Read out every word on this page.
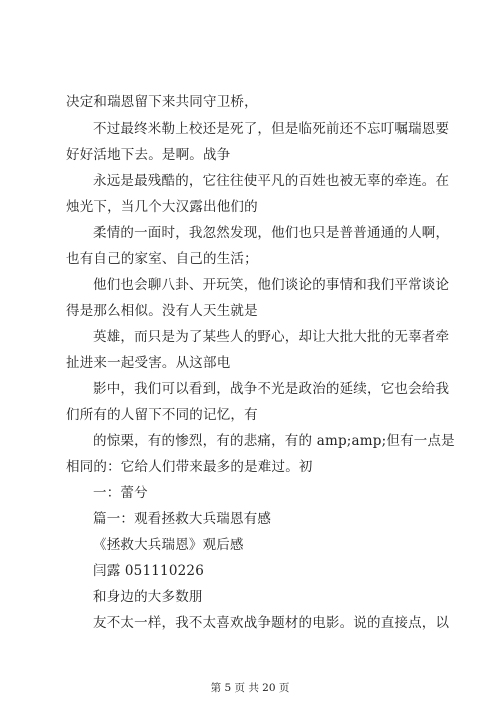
决定和瑞恩留下来共同守卫桥，
不过最终米勒上校还是死了，但是临死前还不忘叮嘱瑞恩要
好好活地下去。是啊。战争
永远是最残酷的，它往往使平凡的百姓也被无辜的牵连。在
烛光下，当几个大汉露出他们的
柔情的一面时，我忽然发现，他们也只是普普通通的人啊，
也有自己的家室、自己的生活；
他们也会聊八卦、开玩笑，他们谈论的事情和我们平常谈论
得是那么相似。没有人天生就是
英雄，而只是为了某些人的野心，却让大批大批的无辜者牵
扯进来一起受害。从这部电
影中，我们可以看到，战争不光是政治的延续，它也会给我
们所有的人留下不同的记忆，有
的惊栗，有的惨烈，有的悲痛，有的 amp;amp;但有一点是
相同的：它给人们带来最多的是难过。初
一：蕾兮
篇一：观看拯救大兵瑞恩有感
《拯救大兵瑞恩》观后感
闫露 051110226
和身边的大多数朋
友不太一样，我不太喜欢战争题材的电影。说的直接点，以
第 5 页 共 20 页
